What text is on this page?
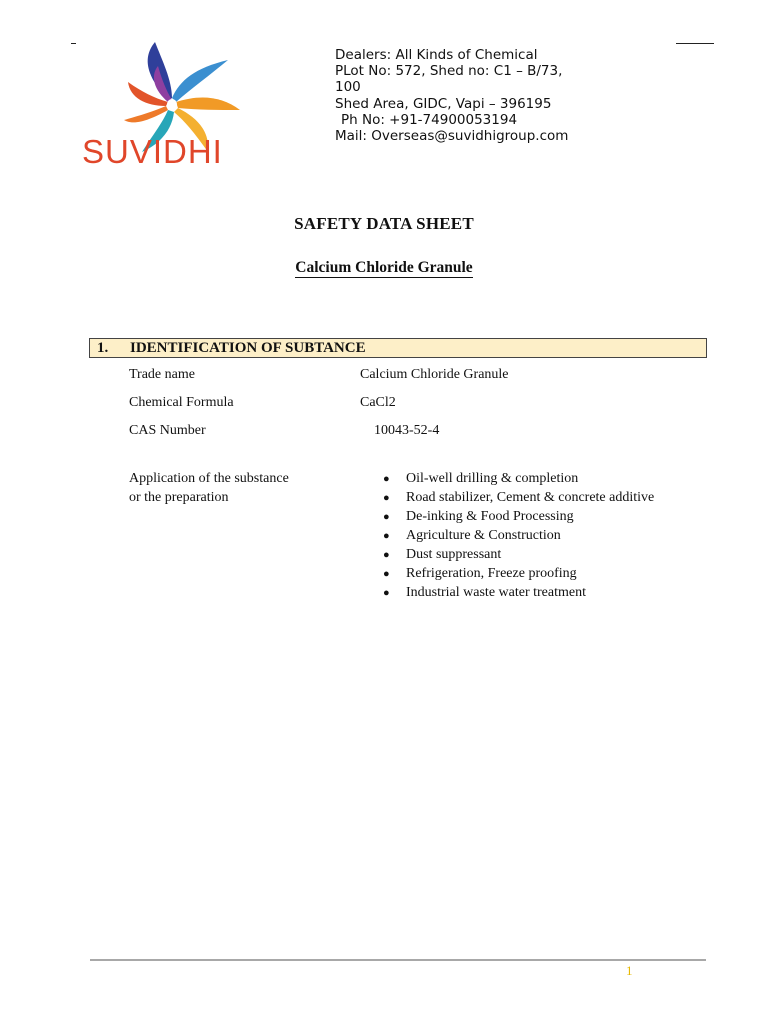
SUVIDHI
Dealers: All Kinds of Chemical
PLot No: 572, Shed no: C1 – B/73,
100
Shed Area, GIDC, Vapi – 396195
Ph No: +91-74900053194
Mail: Overseas@suvidhigroup.com
SAFETY DATA SHEET
Calcium Chloride Granule
1. IDENTIFICATION OF SUBTANCE
Trade name	Calcium Chloride Granule
Chemical Formula	CaCl2
CAS Number	10043-52-4
Application of the substance
or the preparation
● Oil-well drilling & completion
● Road stabilizer, Cement & concrete additive
● De-inking & Food Processing
● Agriculture & Construction
● Dust suppressant
● Refrigeration, Freeze proofing
● Industrial waste water treatment
1
